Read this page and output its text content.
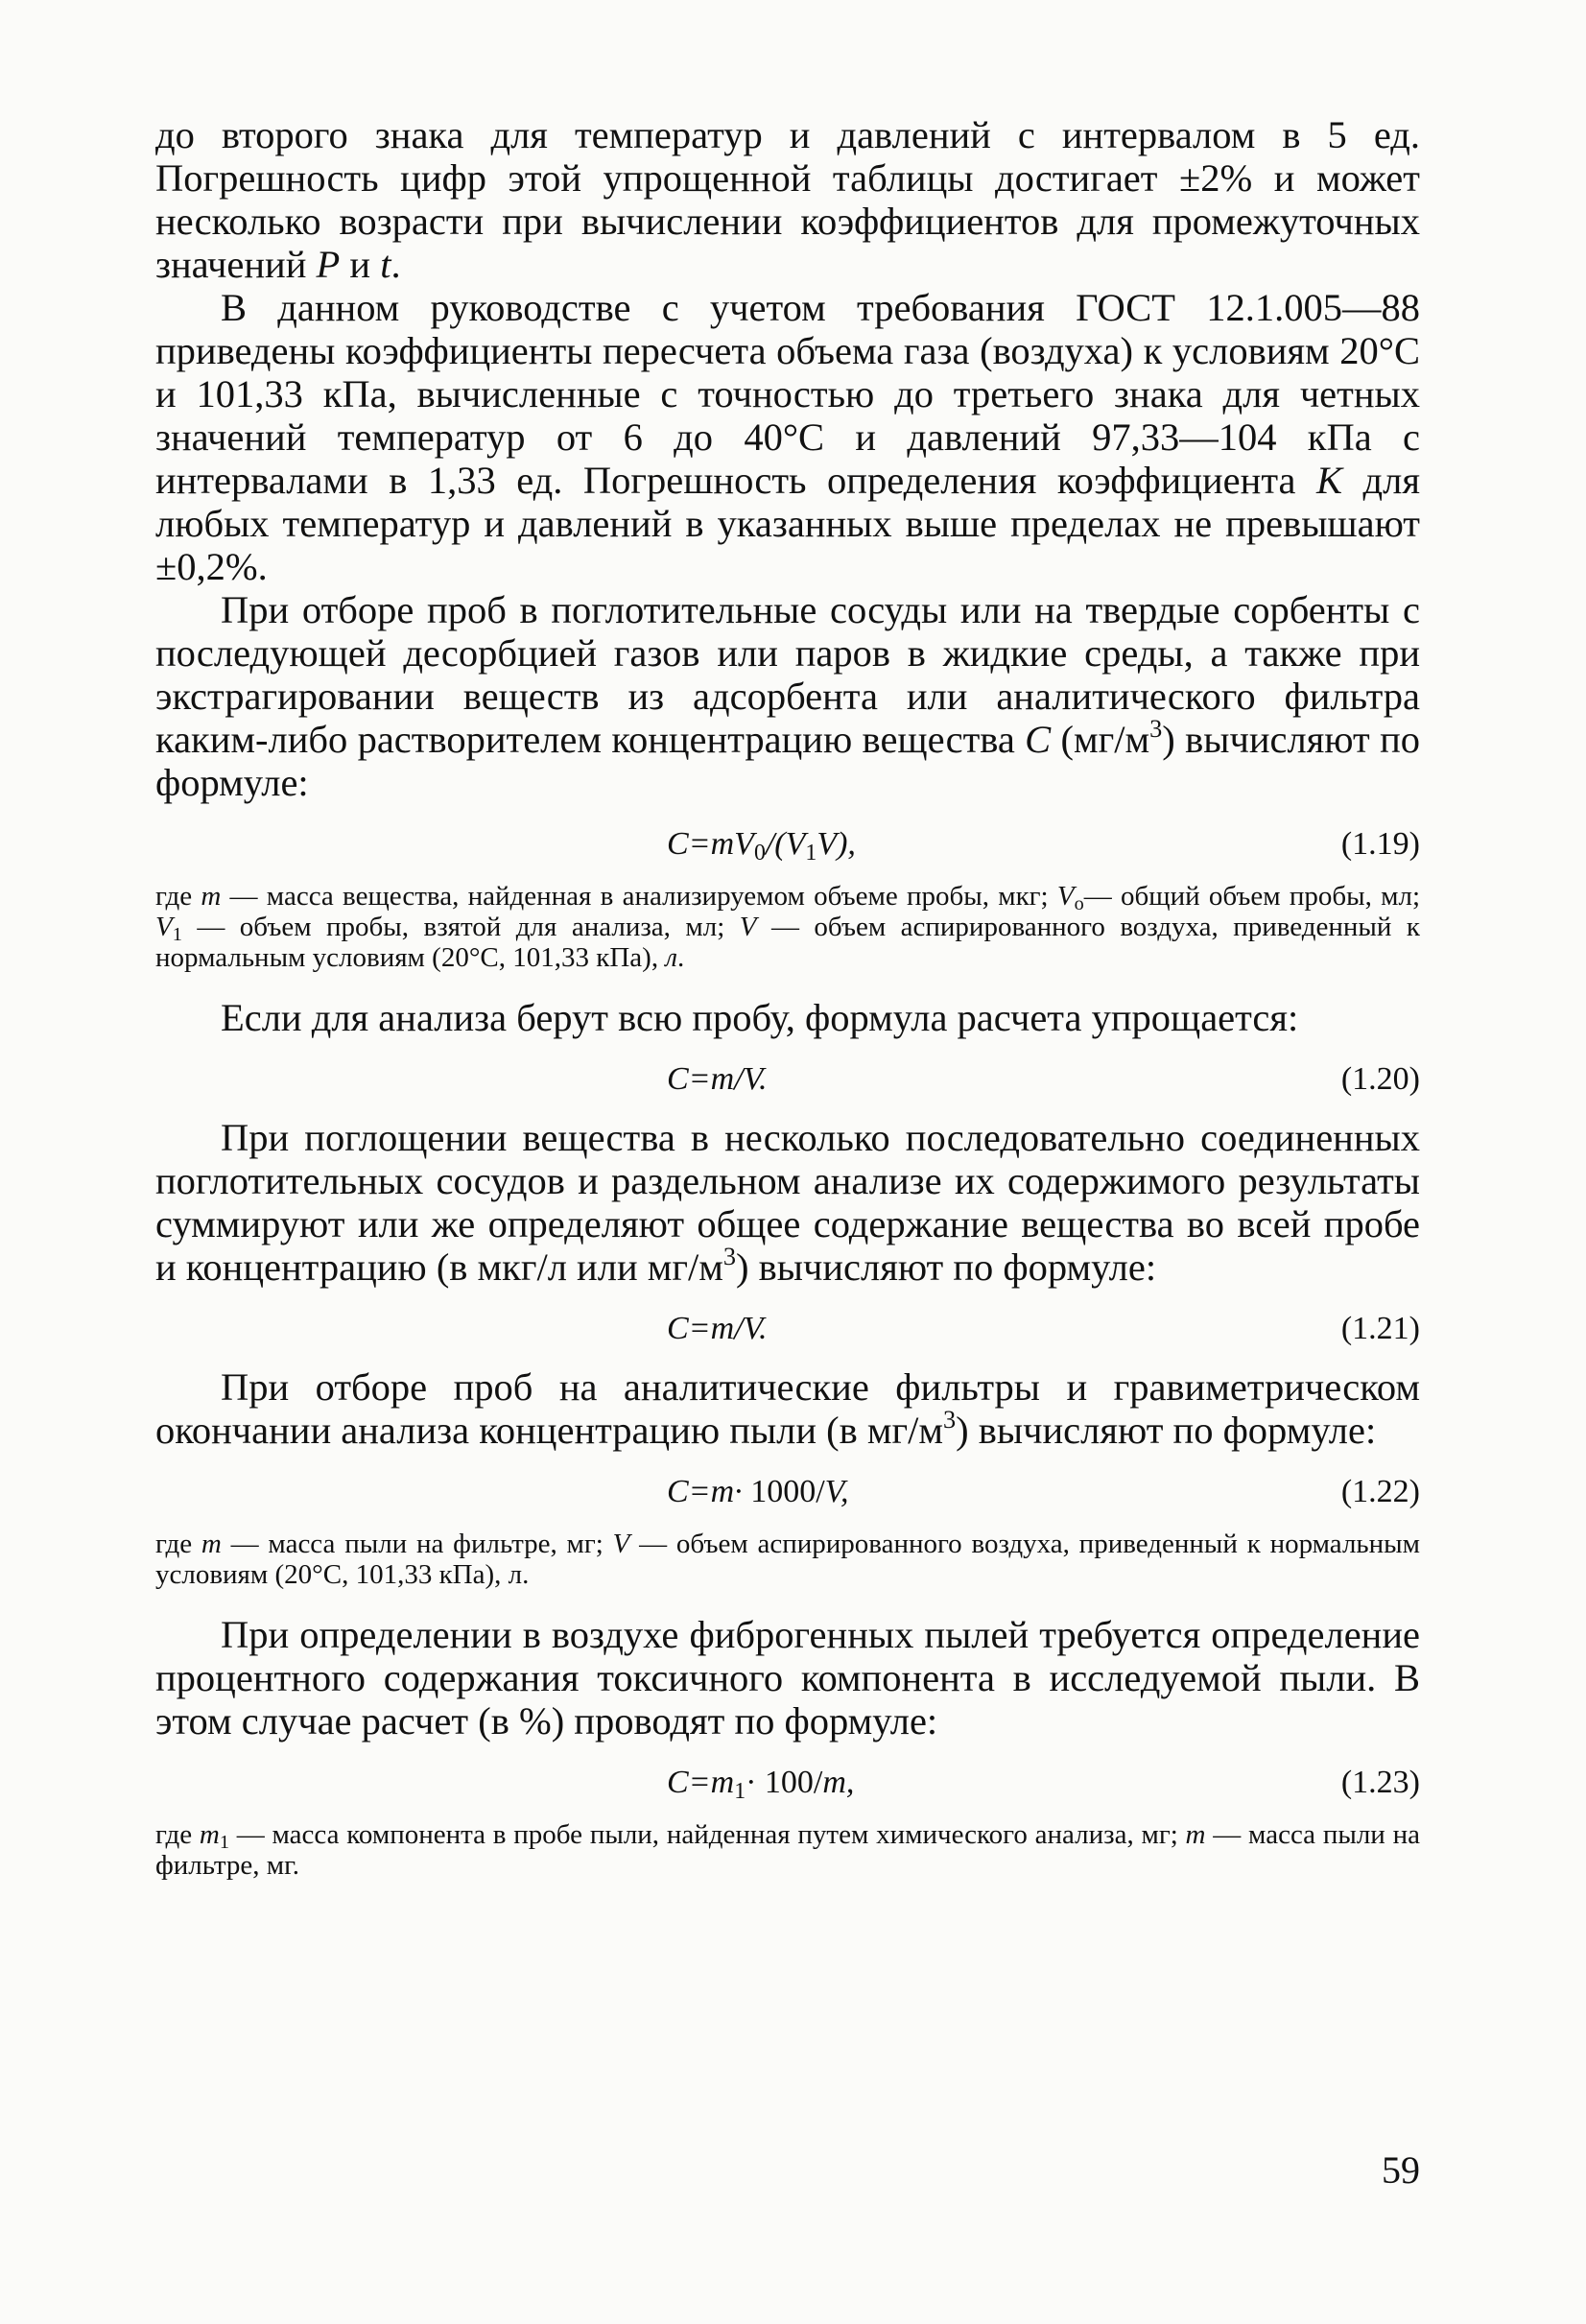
до второго знака для температур и давлений с интервалом в 5 ед. Погрешность цифр этой упрощенной таблицы достигает ±2% и может несколько возрасти при вычислении коэффициентов для промежуточных значений P и t.

В данном руководстве с учетом требования ГОСТ 12.1.005—88 приведены коэффициенты пересчета объема газа (воздуха) к условиям 20°С и 101,33 кПа, вычисленные с точностью до третьего знака для четных значений температур от 6 до 40°С и давлений 97,33—104 кПа с интервалами в 1,33 ед. Погрешность определения коэффициента K для любых температур и давлений в указанных выше пределах не превышают ±0,2%.

При отборе проб в поглотительные сосуды или на твердые сорбенты с последующей десорбцией газов или паров в жидкие среды, а также при экстрагировании веществ из адсорбента или аналитического фильтра каким-либо растворителем концентрацию вещества C $(мг/м^3)$ вычисляют по формуле:

$C=mV_0/(V_1V)$,	(1.19)

где m — масса вещества, найденная в анализируемом объеме пробы, мкг; $V_о—$ общий объем пробы, мл; $V_1$ — объем пробы, взятой для анализа, мл; V — объем аспирированного воздуха, приведенный к нормальным условиям (20°С, 101,33 кПа), л.

Если для анализа берут всю пробу, формула расчета упрощается:

C=m/V.	(1.20)

При поглощении вещества в несколько последовательно соединенных поглотительных сосудов и раздельном анализе их содержимого результаты суммируют или же определяют общее содержание вещества во всей пробе и концентрацию (в мкг/л или $мг/м^3$) вычисляют по формуле:

C=m/V.	(1.21)

При отборе проб на аналитические фильтры и гравиметрическом окончании анализа концентрацию пыли (в $мг/м^3$) вычисляют по формуле:

C=m· 1000/V,	(1.22)

где m — масса пыли на фильтре, мг; V — объем аспирированного воздуха, приведенный к нормальным условиям (20°С, 101,33 кПа), л.

При определении в воздухе фиброгенных пылей требуется определение процентного содержания токсичного компонента в исследуемой пыли. В этом случае расчет (в %) проводят по формуле:

$C=m_1\cdot 100/m$,	(1.23)

где $m_1$ — масса компонента в пробе пыли, найденная путем химического анализа, мг; m — масса пыли на фильтре, мг.

59
